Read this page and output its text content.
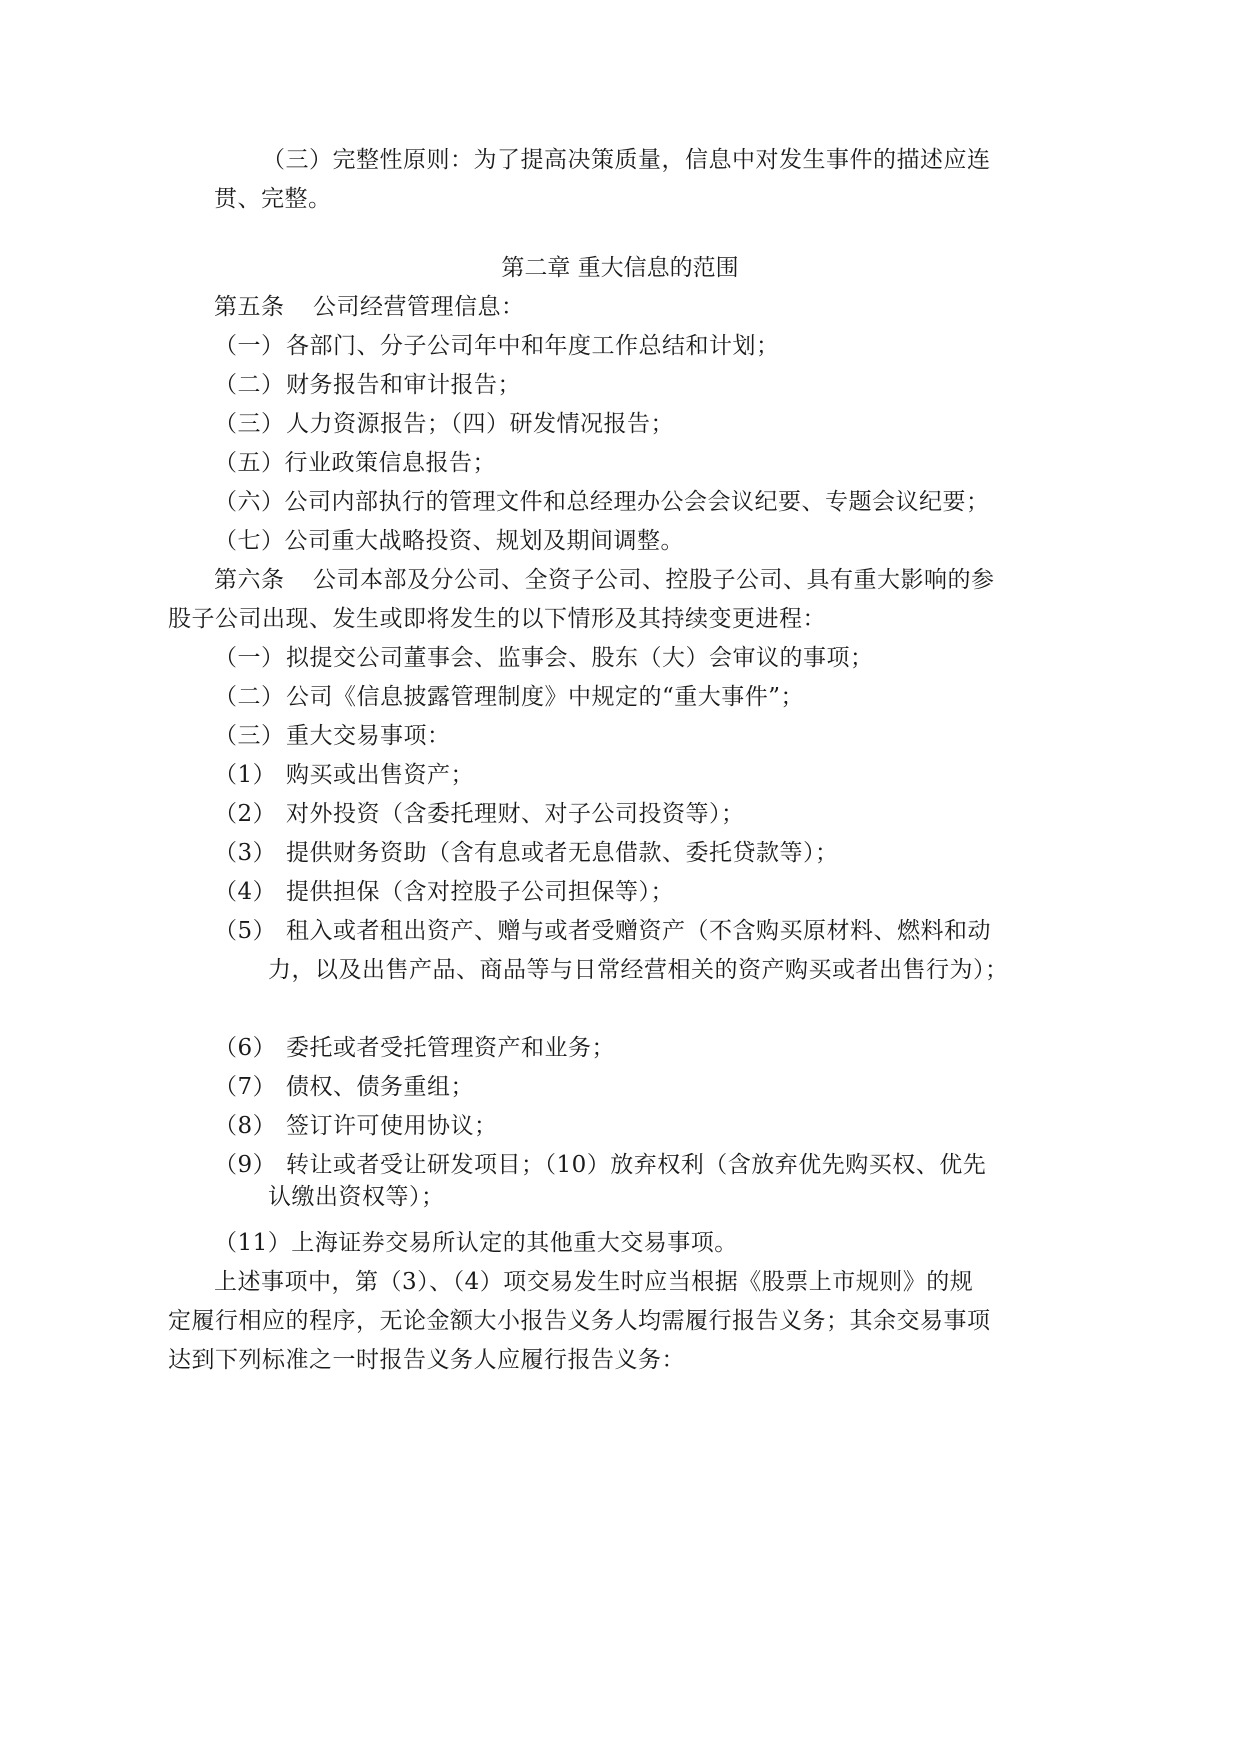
（三）完整性原则：为了提高决策质量，信息中对发生事件的描述应连
贯、完整。
第二章 重大信息的范围
第五条 公司经营管理信息：
（一） 各部门、分子公司年中和年度工作总结和计划；
（二） 财务报告和审计报告；
（三） 人力资源报告；（四）研发情况报告；
（五）行业政策信息报告；
（六）公司内部执行的管理文件和总经理办公会会议纪要、专题会议纪要；
（七）公司重大战略投资、规划及期间调整。
第六条 公司本部及分公司、全资子公司、控股子公司、具有重大影响的参
股子公司出现、发生或即将发生的以下情形及其持续变更进程：
（一） 拟提交公司董事会、监事会、股东（大）会审议的事项；
（二） 公司《信息披露管理制度》中规定的“重大事件”；
（三） 重大交易事项：
（1） 购买或出售资产；
（2） 对外投资（含委托理财、对子公司投资等）；
（3） 提供财务资助（含有息或者无息借款、委托贷款等）；
（4） 提供担保（含对控股子公司担保等）；
（5） 租入或者租出资产、赠与或者受赠资产（不含购买原材料、燃料和动
力，以及出售产品、商品等与日常经营相关的资产购买或者出售行为）；
（6） 委托或者受托管理资产和业务；
（7） 债权、债务重组；
（8） 签订许可使用协议；
（9） 转让或者受让研发项目；（10）放弃权利（含放弃优先购买权、优先
认缴出资权等）；
（11）上海证券交易所认定的其他重大交易事项。
上述事项中，第（3）、（4）项交易发生时应当根据《股票上市规则》的规
定履行相应的程序，无论金额大小报告义务人均需履行报告义务；其余交易事项
达到下列标准之一时报告义务人应履行报告义务：
